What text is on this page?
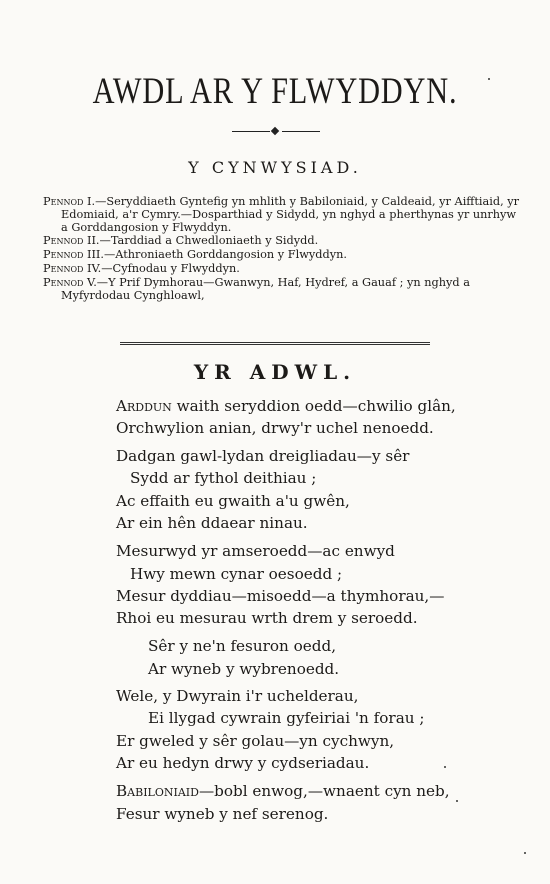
AWDL AR Y FLWYDDYN.
Y CYNWYSIAD.
Pennod I.—Seryddiaeth Gyntefig yn mhlith y Babiloniaid, y Caldeaid, yr Aifftiaid, yr Edomiaid, a'r Cymry.—Dosparthiad y Sidydd, yn nghyd a pherthynas yr unrhyw a Gorddangosion y Flwyddyn.
Pennod II.—Tarddiad a Chwedloniaeth y Sidydd.
Pennod III.—Athroniaeth Gorddangosion y Flwyddyn.
Pennod IV.—Cyfnodau y Flwyddyn.
Pennod V.—Y Prif Dymhorau—Gwanwyn, Haf, Hydref, a Gauaf ; yn nghyd a Myfyrdodau Cynghloawl,
YR ADWL.
Arddun waith seryddion oedd—chwilio glân,
Orchwylion anian, drwy'r uchel nenoedd.
Dadgan gawl-lydan dreigliadau—y sêr
Sydd ar fythol deithiau ;
Ac effaith eu gwaith a'u gwên,
Ar ein hên ddaear ninau.
Mesurwyd yr amseroedd—ac enwyd
Hwy mewn cynar oesoedd ;
Mesur dyddiau—misoedd—a thymhorau,—
Rhoi eu mesurau wrth drem y seroedd.
Sêr y ne'n fesuron oedd,
Ar wyneb y wybrenoedd.
Wele, y Dwyrain i'r uchelderau,
Ei llygad cywrain gyfeiriai 'n forau ;
Er gweled y sêr golau—yn cychwyn,
Ar eu hedyn drwy y cydseriadau.
Babiloniaid—bobl enwog,—wnaent cyn neb,
Fesur wyneb y nef serenog.
